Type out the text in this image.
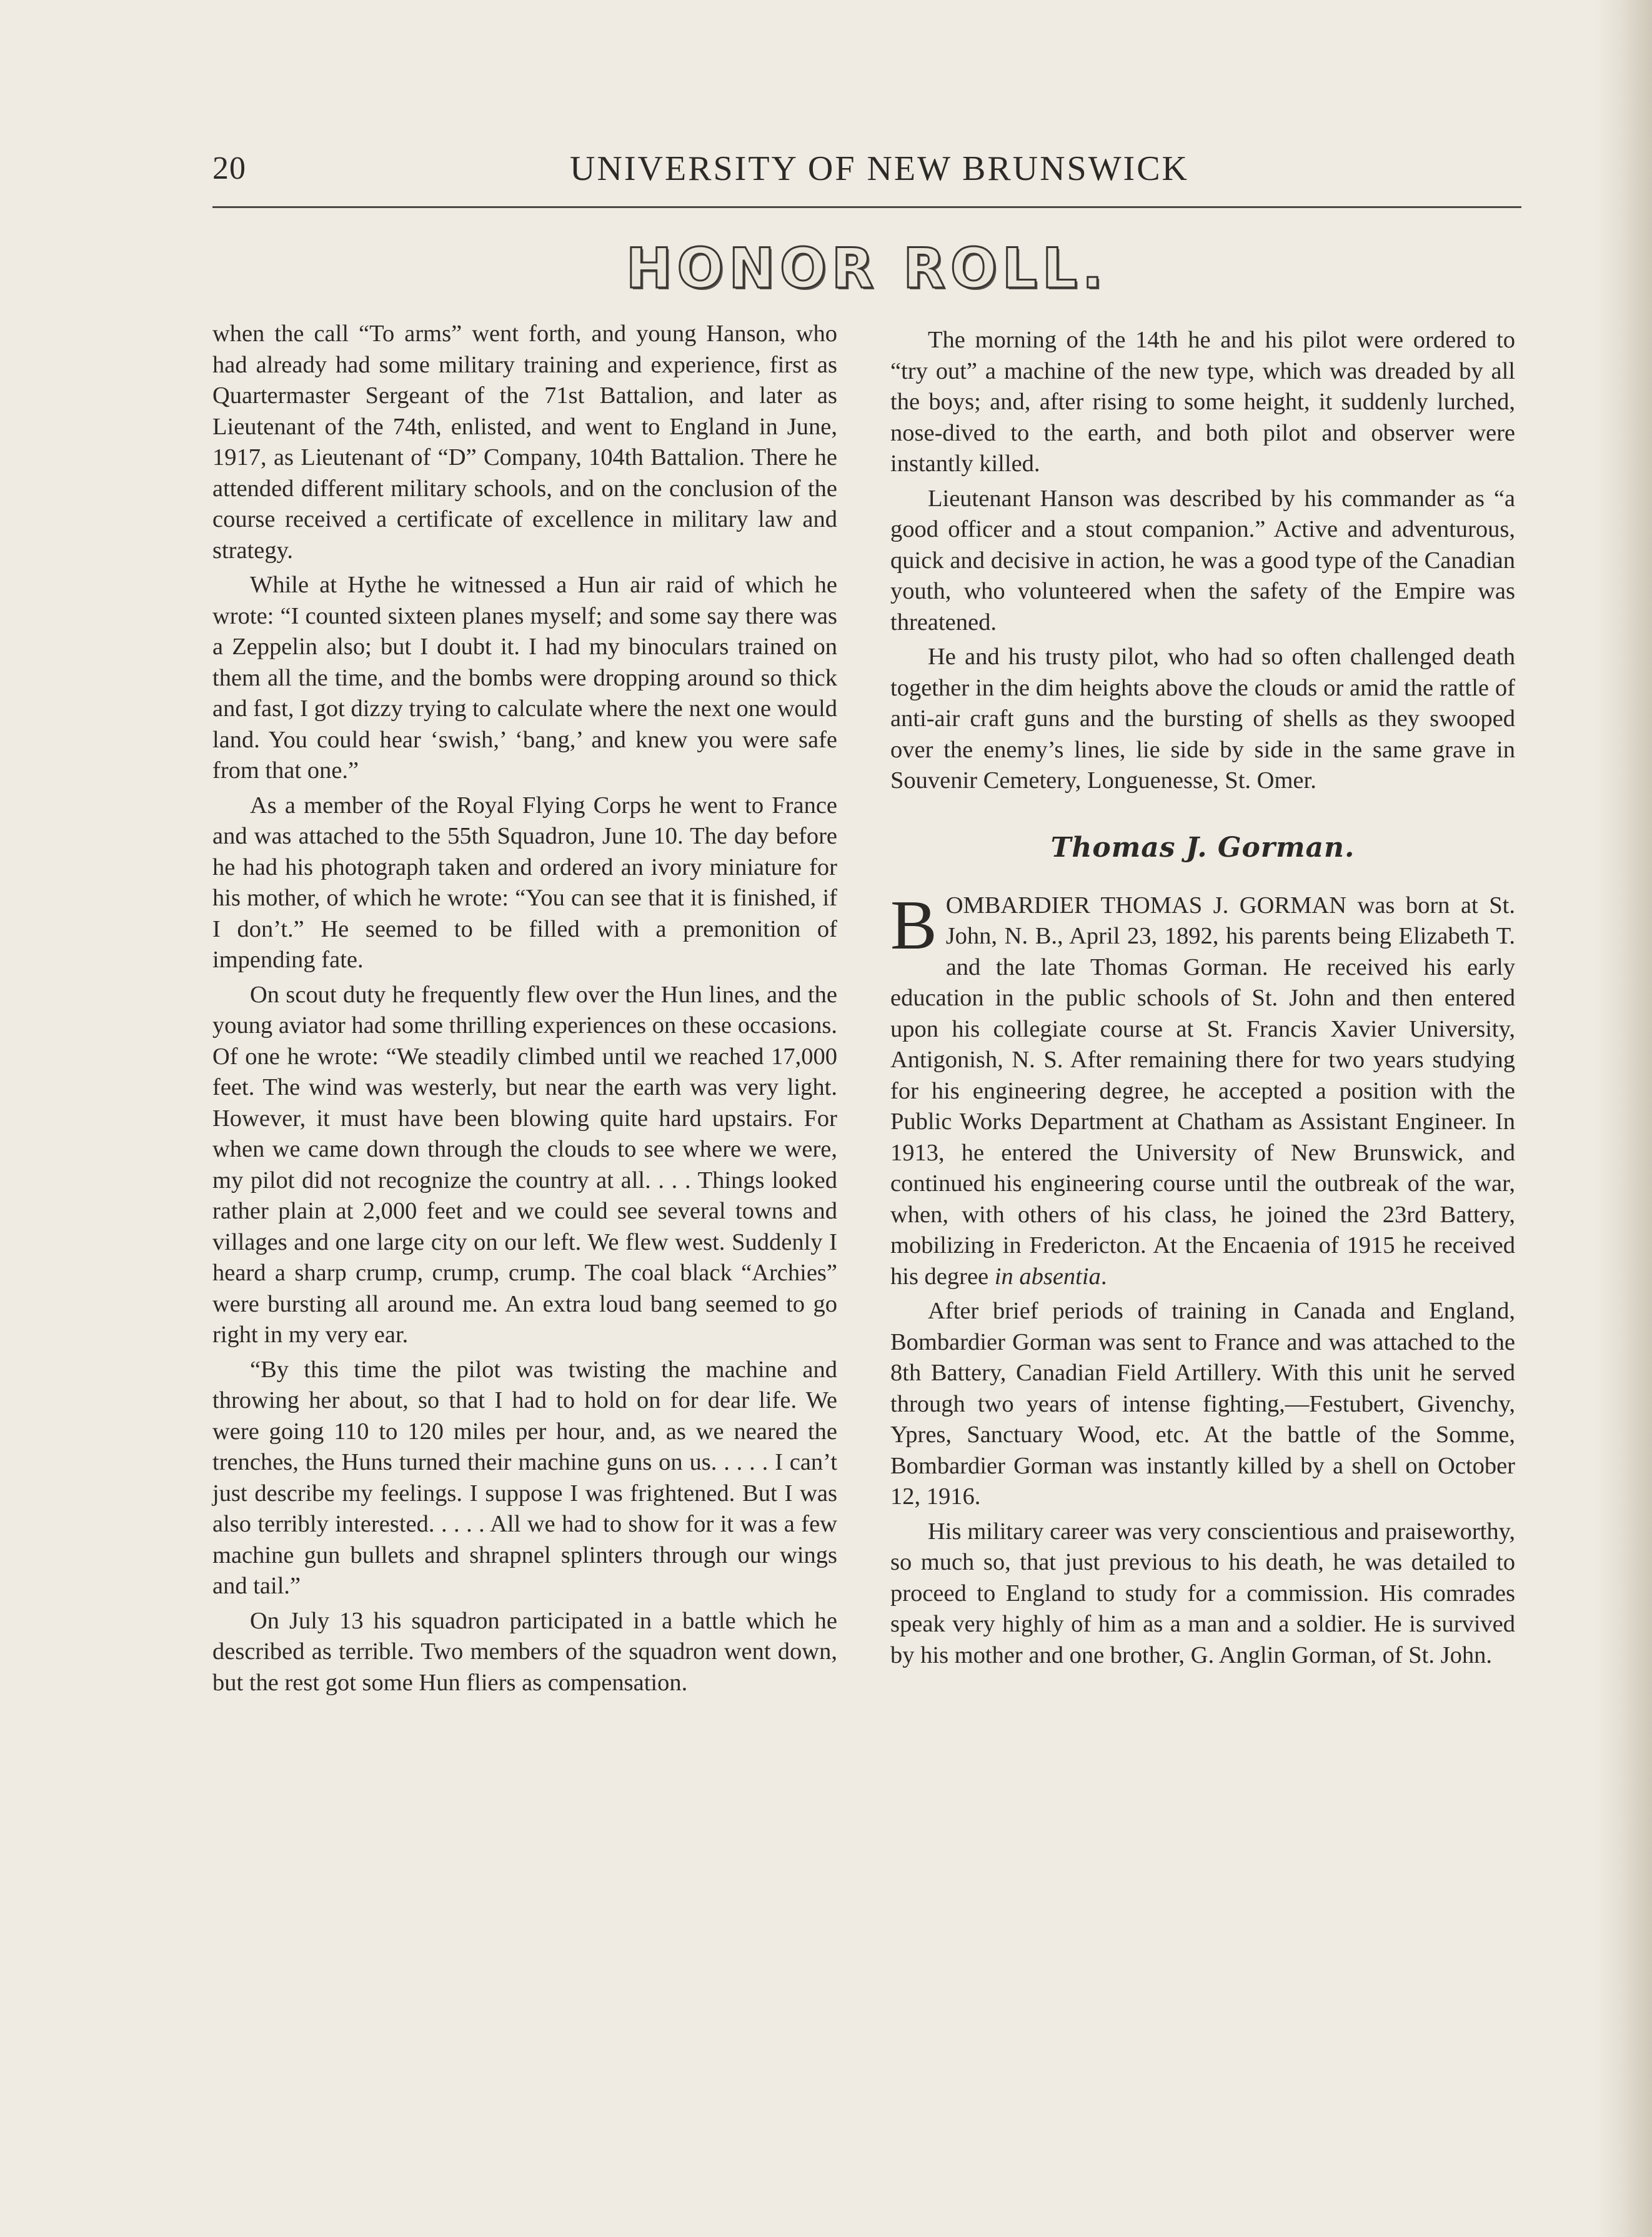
20	UNIVERSITY OF NEW BRUNSWICK
HONOR ROLL.

when the call “To arms” went forth, and young Hanson, who had already had some military training and experience, first as Quartermaster Sergeant of the 71st Battalion, and later as Lieutenant of the 74th, enlisted, and went to England in June, 1917, as Lieutenant of “D” Company, 104th Battalion. There he attended different military schools, and on the conclusion of the course received a certificate of excellence in military law and strategy.

While at Hythe he witnessed a Hun air raid of which he wrote: “I counted sixteen planes myself; and some say there was a Zeppelin also; but I doubt it. I had my binoculars trained on them all the time, and the bombs were dropping around so thick and fast, I got dizzy trying to calculate where the next one would land. You could hear ‘swish,’ ‘bang,’ and knew you were safe from that one.”

As a member of the Royal Flying Corps he went to France and was attached to the 55th Squadron, June 10. The day before he had his photograph taken and ordered an ivory miniature for his mother, of which he wrote: “You can see that it is finished, if I don’t.” He seemed to be filled with a premonition of impending fate.

On scout duty he frequently flew over the Hun lines, and the young aviator had some thrilling experiences on these occasions. Of one he wrote: “We steadily climbed until we reached 17,000 feet. The wind was westerly, but near the earth was very light. However, it must have been blowing quite hard upstairs. For when we came down through the clouds to see where we were, my pilot did not recognize the country at all. . . . Things looked rather plain at 2,000 feet and we could see several towns and villages and one large city on our left. We flew west. Suddenly I heard a sharp crump, crump, crump. The coal black “Archies” were bursting all around me. An extra loud bang seemed to go right in my very ear.

“By this time the pilot was twisting the machine and throwing her about, so that I had to hold on for dear life. We were going 110 to 120 miles per hour, and, as we neared the trenches, the Huns turned their machine guns on us. . . . . I can’t just describe my feelings. I suppose I was frightened. But I was also terribly interested. . . . . All we had to show for it was a few machine gun bullets and shrapnel splinters through our wings and tail.”

On July 13 his squadron participated in a battle which he described as terrible. Two members of the squadron went down, but the rest got some Hun fliers as compensation.

The morning of the 14th he and his pilot were ordered to “try out” a machine of the new type, which was dreaded by all the boys; and, after rising to some height, it suddenly lurched, nose-dived to the earth, and both pilot and observer were instantly killed.

Lieutenant Hanson was described by his commander as “a good officer and a stout companion.” Active and adventurous, quick and decisive in action, he was a good type of the Canadian youth, who volunteered when the safety of the Empire was threatened.

He and his trusty pilot, who had so often challenged death together in the dim heights above the clouds or amid the rattle of anti-air craft guns and the bursting of shells as they swooped over the enemy’s lines, lie side by side in the same grave in Souvenir Cemetery, Longuenesse, St. Omer.

Thomas J. Gorman.

BOMBARDIER THOMAS J. GORMAN was born at St. John, N. B., April 23, 1892, his parents being Elizabeth T. and the late Thomas Gorman. He received his early education in the public schools of St. John and then entered upon his collegiate course at St. Francis Xavier University, Antigonish, N. S. After remaining there for two years studying for his engineering degree, he accepted a position with the Public Works Department at Chatham as Assistant Engineer. In 1913, he entered the University of New Brunswick, and continued his engineering course until the outbreak of the war, when, with others of his class, he joined the 23rd Battery, mobilizing in Fredericton. At the Encaenia of 1915 he received his degree in absentia.

After brief periods of training in Canada and England, Bombardier Gorman was sent to France and was attached to the 8th Battery, Canadian Field Artillery. With this unit he served through two years of intense fighting,—Festubert, Givenchy, Ypres, Sanctuary Wood, etc. At the battle of the Somme, Bombardier Gorman was instantly killed by a shell on October 12, 1916.

His military career was very conscientious and praiseworthy, so much so, that just previous to his death, he was detailed to proceed to England to study for a commission. His comrades speak very highly of him as a man and a soldier. He is survived by his mother and one brother, G. Anglin Gorman, of St. John.
